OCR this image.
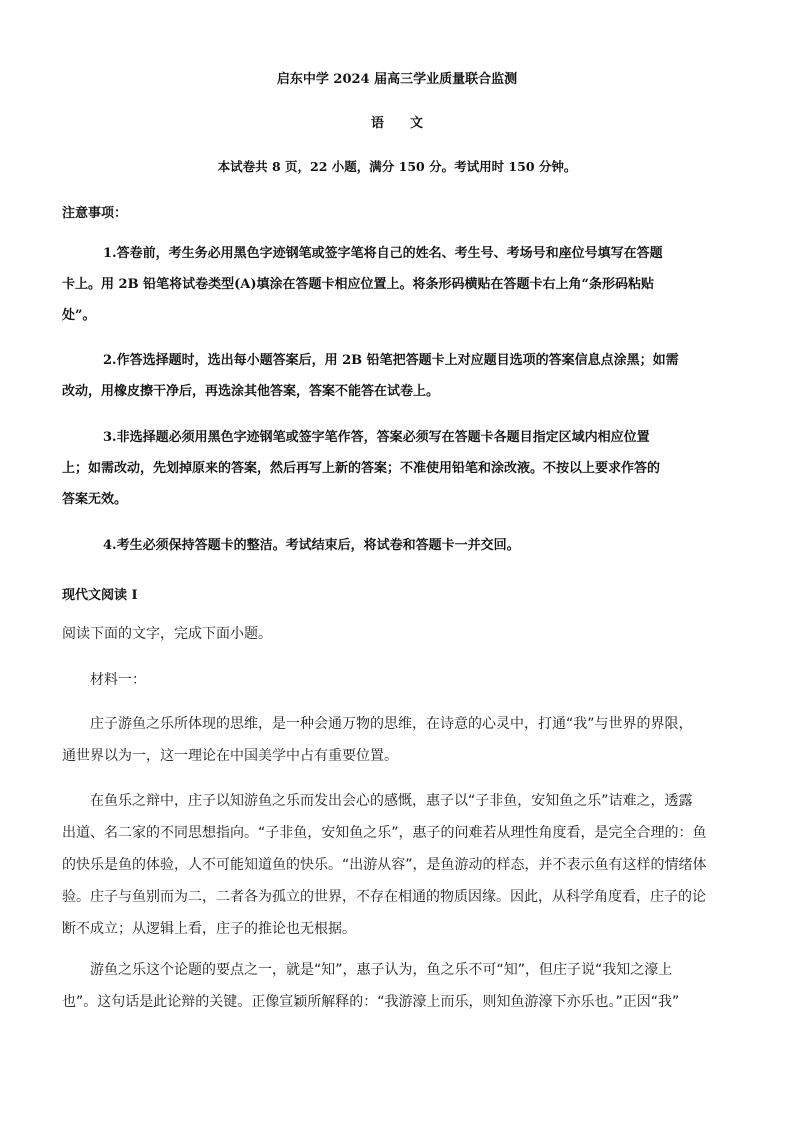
启东中学 2024 届高三学业质量联合监测
语文
本试卷共 8 页，22 小题，满分 150 分。考试用时 150 分钟。
注意事项：
1.答卷前，考生务必用黑色字迹钢笔或签字笔将自己的姓名、考生号、考场号和座位号填写在答题
卡上。用 2B 铅笔将试卷类型(A)填涂在答题卡相应位置上。将条形码横贴在答题卡右上角“条形码粘贴
处”。
2.作答选择题时，选出每小题答案后，用 2B 铅笔把答题卡上对应题目选项的答案信息点涂黑；如需
改动，用橡皮擦干净后，再选涂其他答案，答案不能答在试卷上。
3.非选择题必须用黑色字迹钢笔或签字笔作答，答案必须写在答题卡各题目指定区域内相应位置
上；如需改动，先划掉原来的答案，然后再写上新的答案；不准使用铅笔和涂改液。不按以上要求作答的
答案无效。
4.考生必须保持答题卡的整洁。考试结束后，将试卷和答题卡一并交回。
现代文阅读 I
阅读下面的文字，完成下面小题。
材料一：
庄子游鱼之乐所体现的思维，是一种会通万物的思维，在诗意的心灵中，打通“我”与世界的界限，
通世界以为一，这一理论在中国美学中占有重要位置。
在鱼乐之辩中，庄子以知游鱼之乐而发出会心的感慨，惠子以“子非鱼，安知鱼之乐”诘难之，透露
出道、名二家的不同思想指向。“子非鱼，安知鱼之乐”，惠子的问难若从理性角度看，是完全合理的：鱼
的快乐是鱼的体验，人不可能知道鱼的快乐。“出游从容”，是鱼游动的样态，并不表示鱼有这样的情绪体
验。庄子与鱼别而为二，二者各为孤立的世界，不存在相通的物质因缘。因此，从科学角度看，庄子的论
断不成立；从逻辑上看，庄子的推论也无根据。
游鱼之乐这个论题的要点之一，就是“知”，惠子认为，鱼之乐不可“知”，但庄子说“我知之濠上
也”。这句话是此论辩的关键。正像宣颖所解释的：“我游濠上而乐，则知鱼游濠下亦乐也。”正因“我”
